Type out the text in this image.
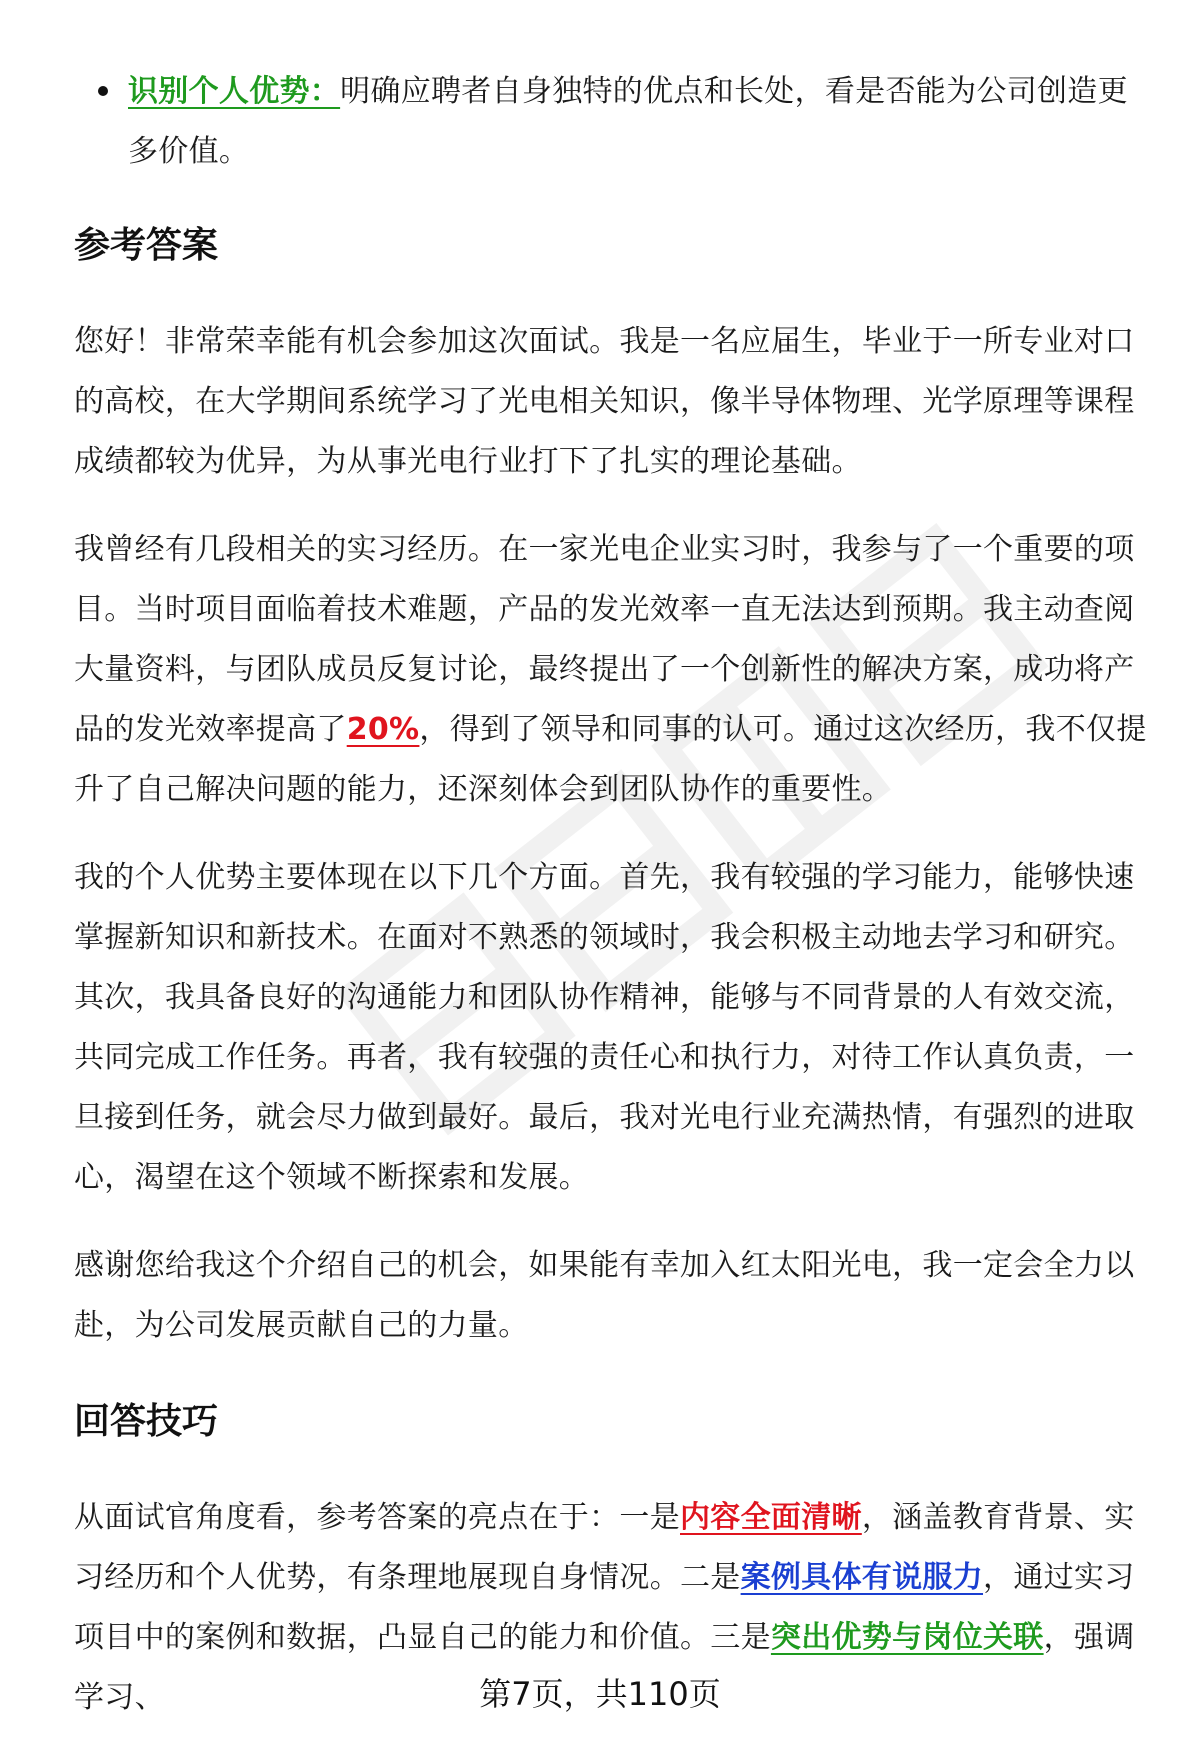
识别个人优势：明确应聘者自身独特的优点和长处，看是否能为公司创造更多价值。

参考答案

您好！非常荣幸能有机会参加这次面试。我是一名应届生，毕业于一所专业对口的高校，在大学期间系统学习了光电相关知识，像半导体物理、光学原理等课程成绩都较为优异，为从事光电行业打下了扎实的理论基础。

我曾经有几段相关的实习经历。在一家光电企业实习时，我参与了一个重要的项目。当时项目面临着技术难题，产品的发光效率一直无法达到预期。我主动查阅大量资料，与团队成员反复讨论，最终提出了一个创新性的解决方案，成功将产品的发光效率提高了20%，得到了领导和同事的认可。通过这次经历，我不仅提升了自己解决问题的能力，还深刻体会到团队协作的重要性。

我的个人优势主要体现在以下几个方面。首先，我有较强的学习能力，能够快速掌握新知识和新技术。在面对不熟悉的领域时，我会积极主动地去学习和研究。其次，我具备良好的沟通能力和团队协作精神，能够与不同背景的人有效交流，共同完成工作任务。再者，我有较强的责任心和执行力，对待工作认真负责，一旦接到任务，就会尽力做到最好。最后，我对光电行业充满热情，有强烈的进取心，渴望在这个领域不断探索和发展。

感谢您给我这个介绍自己的机会，如果能有幸加入红太阳光电，我一定会全力以赴，为公司发展贡献自己的力量。

回答技巧

从面试官角度看，参考答案的亮点在于：一是内容全面清晰，涵盖教育背景、实习经历和个人优势，有条理地展现自身情况。二是案例具体有说服力，通过实习项目中的案例和数据，凸显自己的能力和价值。三是突出优势与岗位关联，强调学习、	第7页，共110页
